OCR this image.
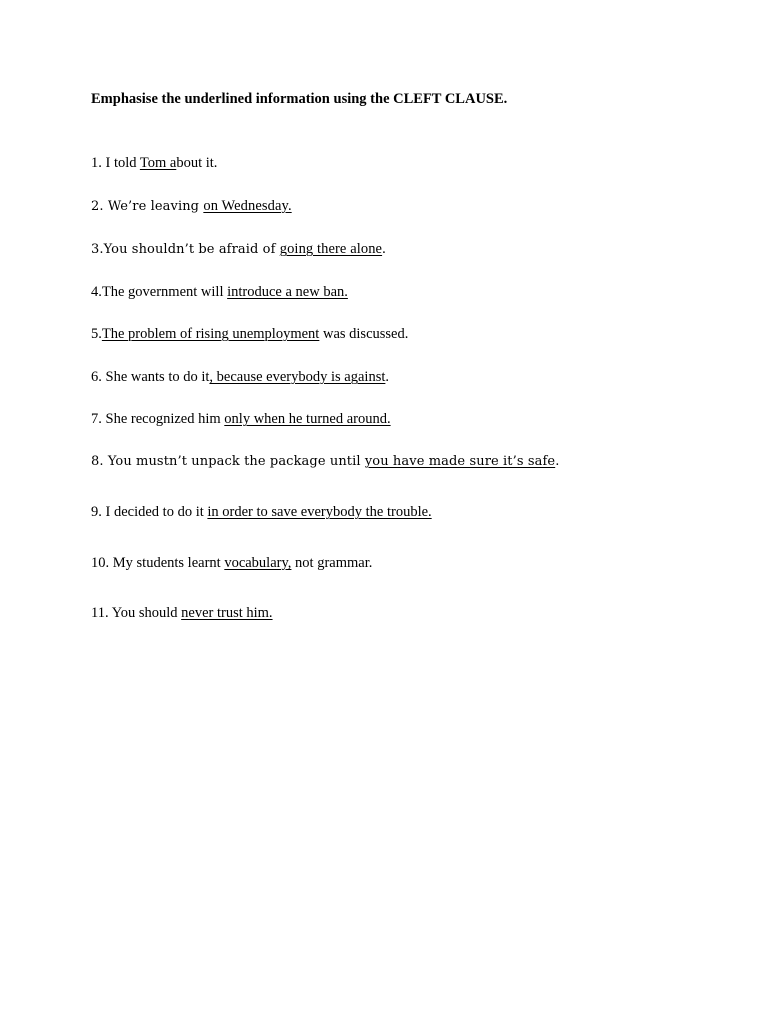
Emphasise the underlined information using the CLEFT CLAUSE.
1. I told Tom about it.
2. We’re leaving on Wednesday.
3.You shouldn’t be afraid of going there alone.
4.The government will introduce a new ban.
5.The problem of rising unemployment was discussed.
6. She wants to do it, because everybody is against.
7. She recognized him only when he turned around.
8. You mustn’t unpack the package until you have made sure it’s safe.
9. I decided to do it in order to save everybody the trouble.
10. My students learnt vocabulary, not grammar.
11. You should never trust him.
